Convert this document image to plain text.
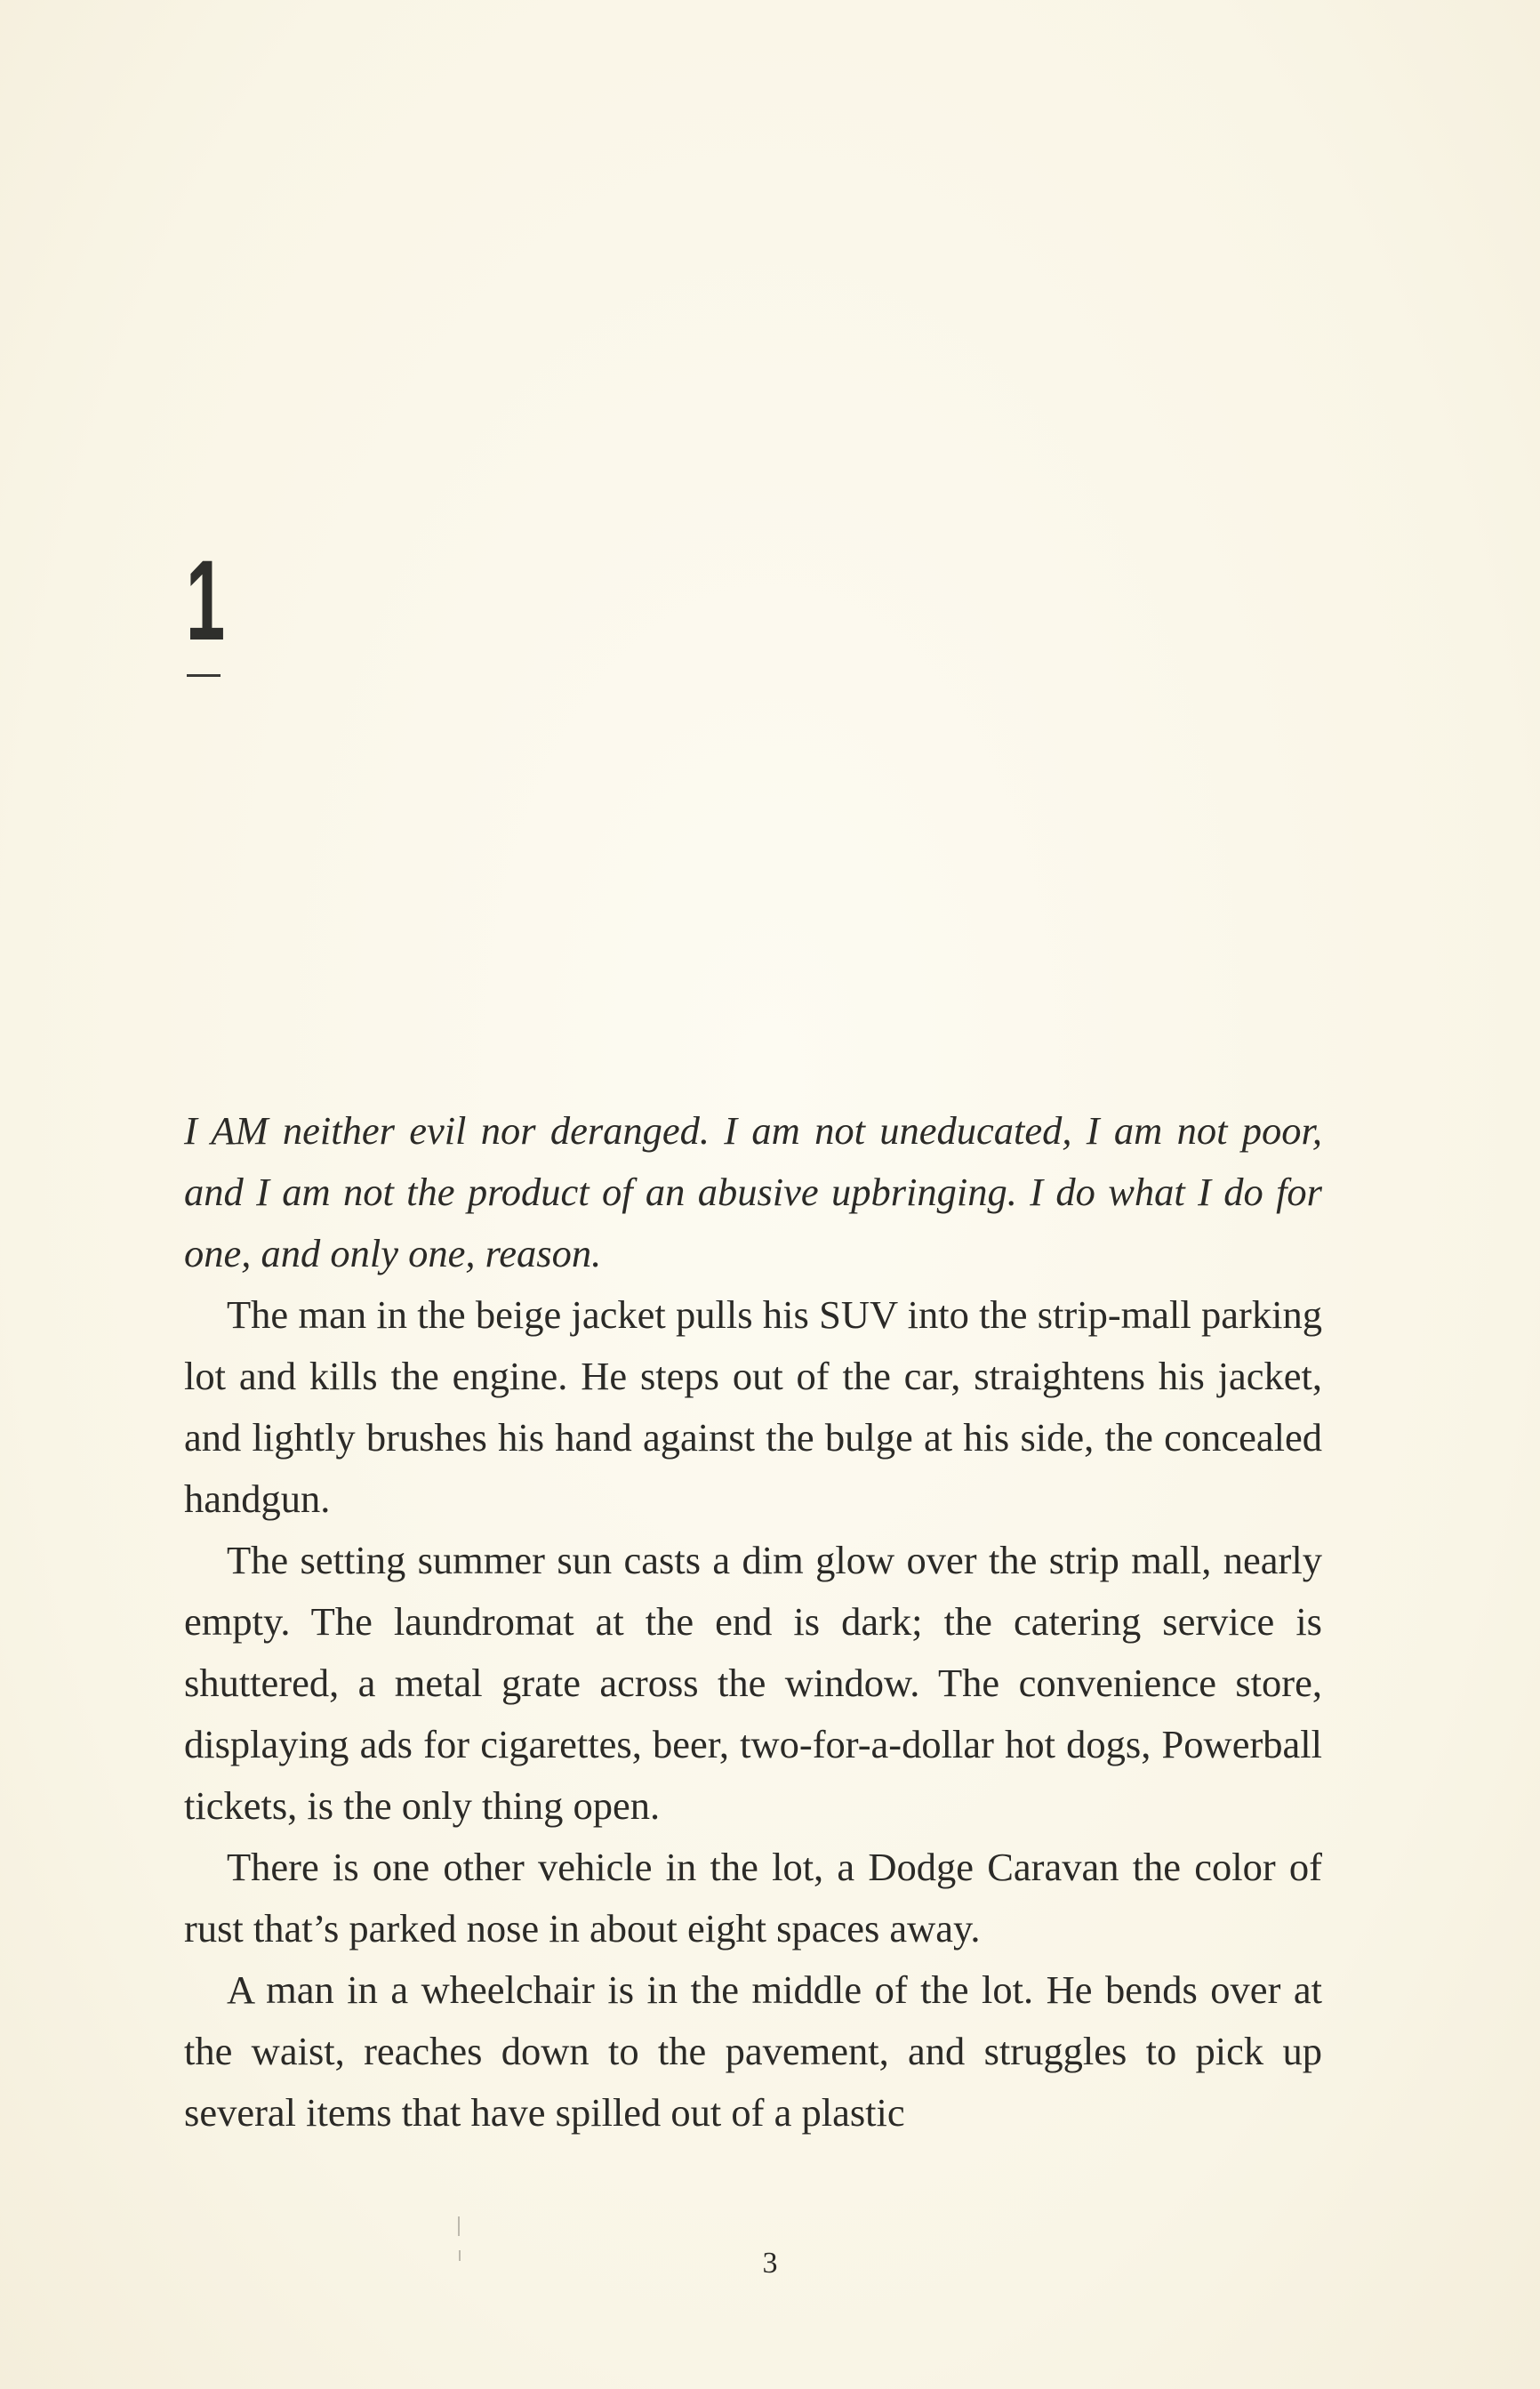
1

I AM neither evil nor deranged. I am not uneducated, I am not poor, and I am not the product of an abusive upbringing. I do what I do for one, and only one, reason.

The man in the beige jacket pulls his SUV into the strip-mall parking lot and kills the engine. He steps out of the car, straightens his jacket, and lightly brushes his hand against the bulge at his side, the concealed handgun.

The setting summer sun casts a dim glow over the strip mall, nearly empty. The laundromat at the end is dark; the catering service is shuttered, a metal grate across the window. The convenience store, displaying ads for cigarettes, beer, two-for-a-dollar hot dogs, Powerball tickets, is the only thing open.

There is one other vehicle in the lot, a Dodge Caravan the color of rust that’s parked nose in about eight spaces away.

A man in a wheelchair is in the middle of the lot. He bends over at the waist, reaches down to the pavement, and struggles to pick up several items that have spilled out of a plastic

3
